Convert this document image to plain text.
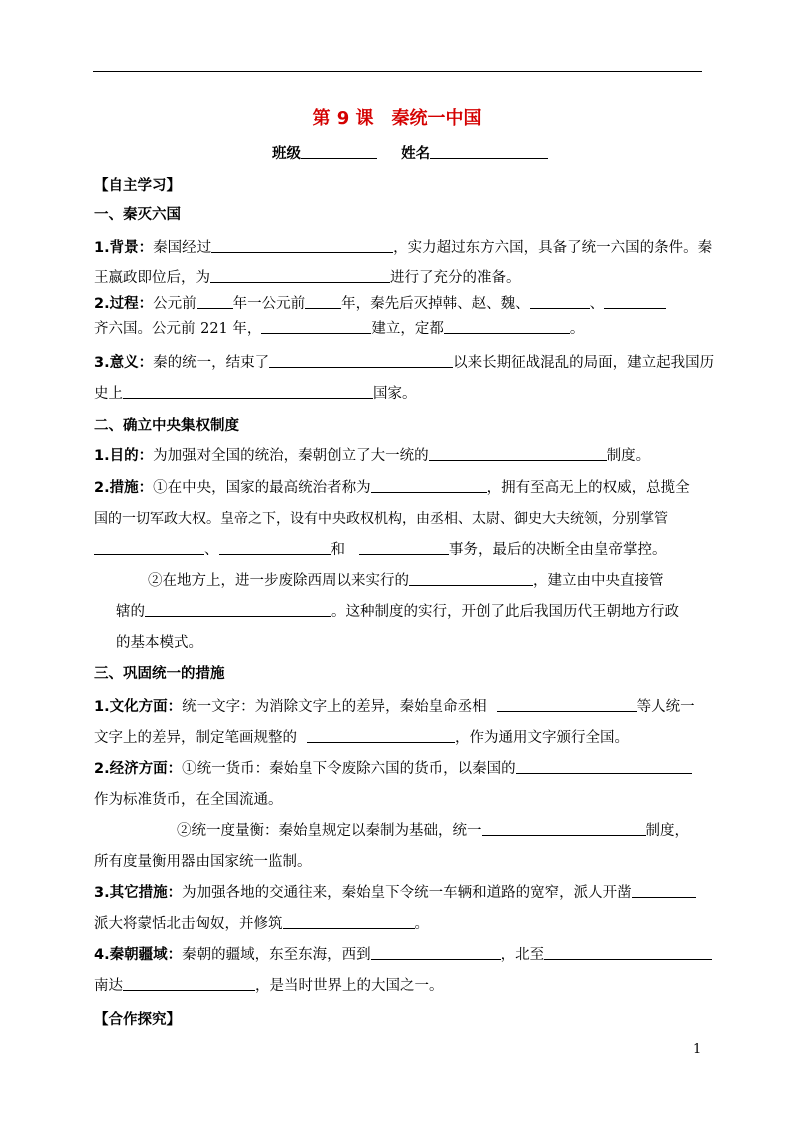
第 9 课 秦统一中国
班级	姓名
【自主学习】
一、秦灭六国
1.背景：秦国经过	，实力超过东方六国，具备了统一六国的条件。秦
王嬴政即位后，为	进行了充分的准备。
2.过程：公元前 年一公元前 年，秦先后灭掉韩、赵、魏、	、
齐六国。公元前 221 年，	建立，定都	。
3.意义：秦的统一，结束了	以来长期征战混乱的局面，建立起我国历
史上	国家。
二、确立中央集权制度
1.目的：为加强对全国的统治，秦朝创立了大一统的	制度。
2.措施：①在中央，国家的最高统治者称为	，拥有至高无上的权威，总揽全
国的一切军政大权。皇帝之下，设有中央政权机构，由丞相、太尉、御史大夫统领，分别掌管
、	和	事务，最后的决断全由皇帝掌控。
②在地方上，进一步废除西周以来实行的	，建立由中央直接管
辖的	。这种制度的实行，开创了此后我国历代王朝地方行政
的基本模式。
三、巩固统一的措施
1.文化方面：统一文字：为消除文字上的差异，秦始皇命丞相	等人统一
文字上的差异，制定笔画规整的	，作为通用文字颁行全国。
2.经济方面：①统一货币：秦始皇下令废除六国的货币，以秦国的
作为标准货币，在全国流通。
②统一度量衡：秦始皇规定以秦制为基础，统一	制度，
所有度量衡用器由国家统一监制。
3.其它措施：为加强各地的交通往来，秦始皇下令统一车辆和道路的宽窄，派人开凿
派大将蒙恬北击匈奴，并修筑	。
4.秦朝疆域：秦朝的疆域，东至东海，西到	，北至
南达	，是当时世界上的大国之一。
【合作探究】
1
